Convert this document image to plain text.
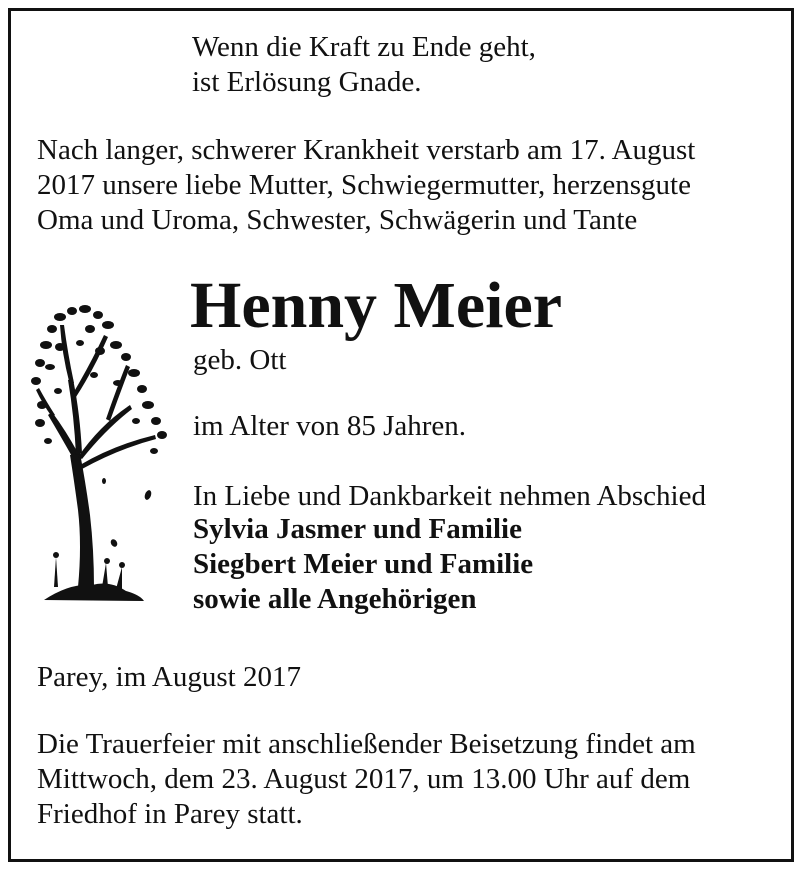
Wenn die Kraft zu Ende geht,
ist Erlösung Gnade.
Nach langer, schwerer Krankheit verstarb am 17. August
2017 unsere liebe Mutter, Schwiegermutter, herzensgute
Oma und Uroma, Schwester, Schwägerin und Tante
Henny Meier
geb. Ott
im Alter von 85 Jahren.
In Liebe und Dankbarkeit nehmen Abschied
Sylvia Jasmer und Familie
Siegbert Meier und Familie
sowie alle Angehörigen
Parey, im August 2017
Die Trauerfeier mit anschließender Beisetzung findet am
Mittwoch, dem 23. August 2017, um 13.00 Uhr auf dem
Friedhof in Parey statt.
